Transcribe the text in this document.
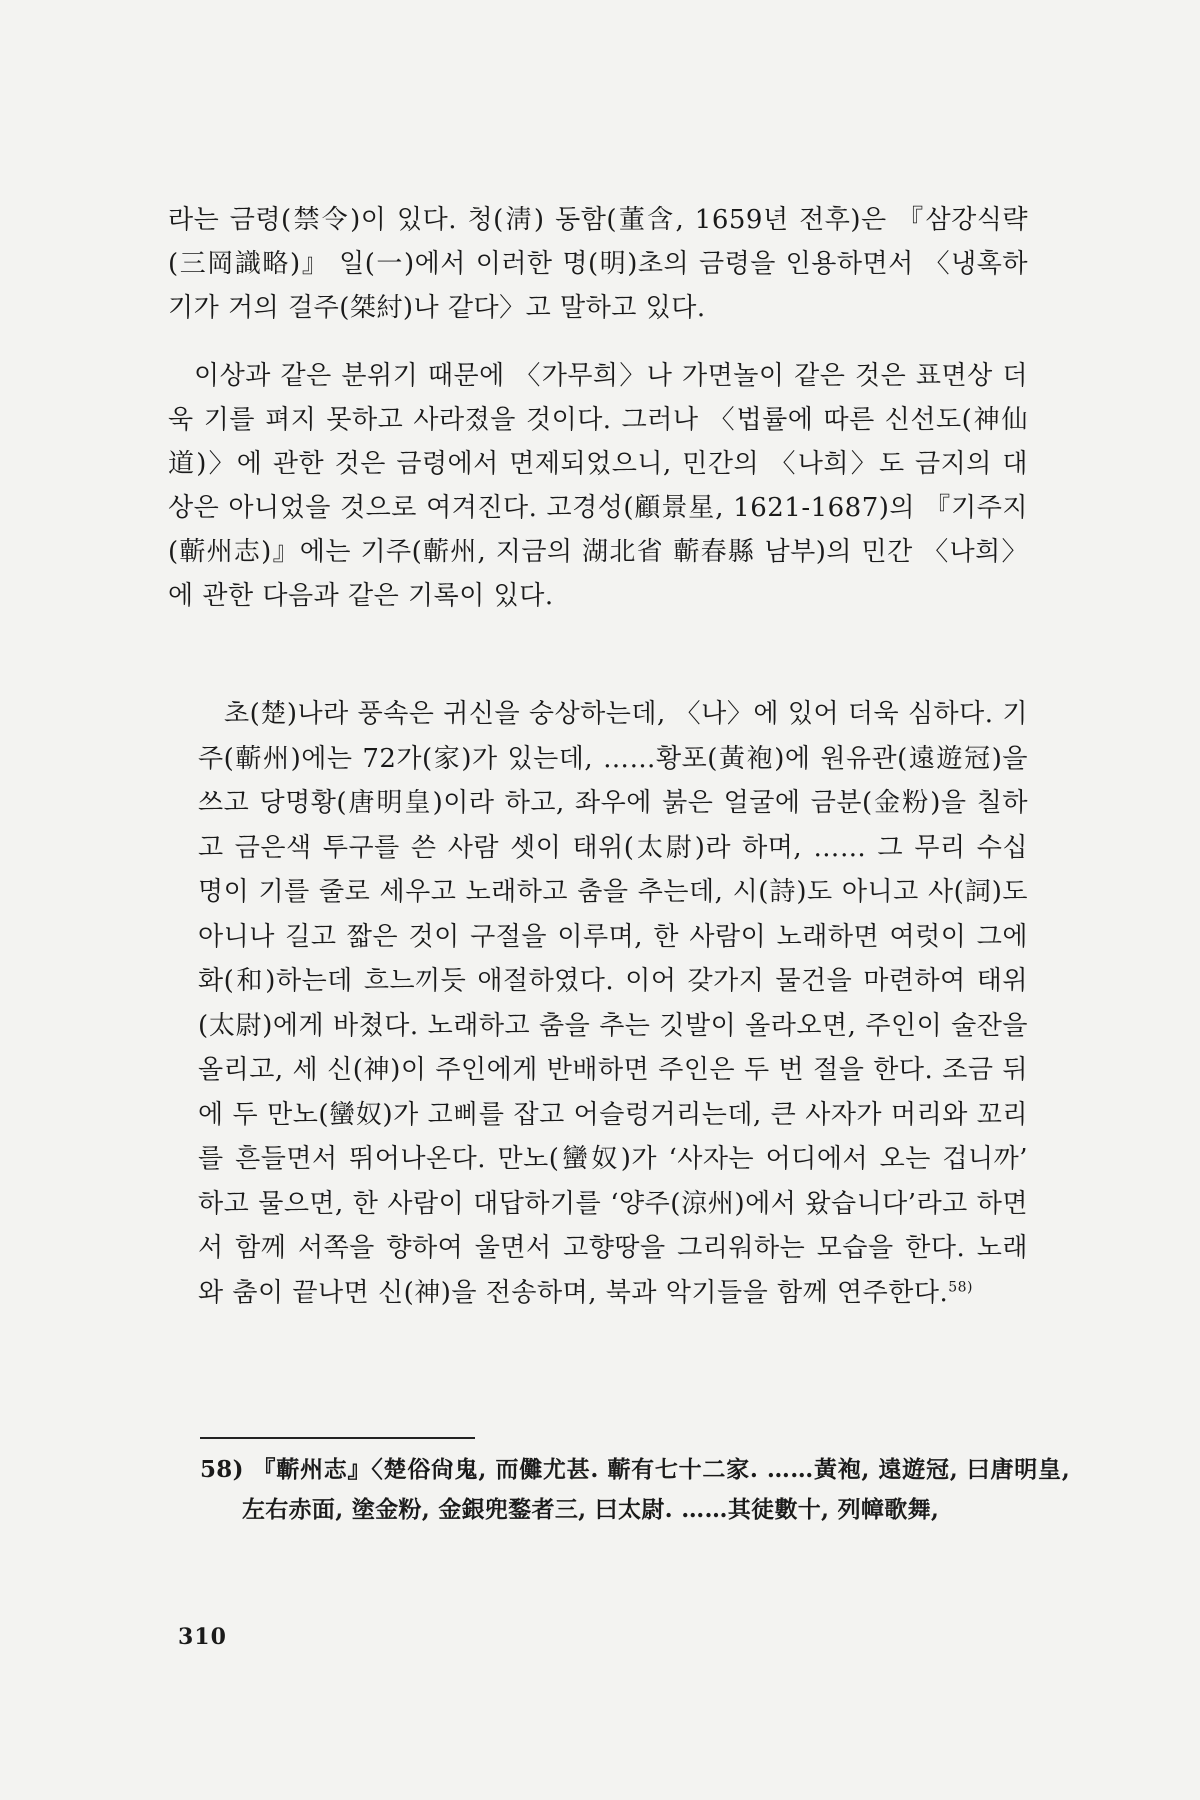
라는 금령(禁令)이 있다. 청(淸) 동함(董含, 1659년 전후)은 『삼강식략(三岡識略)』 일(一)에서 이러한 명(明)초의 금령을 인용하면서 〈냉혹하기가 거의 걸주(桀紂)나 같다〉고 말하고 있다.

이상과 같은 분위기 때문에 〈가무희〉나 가면놀이 같은 것은 표면상 더욱 기를 펴지 못하고 사라졌을 것이다. 그러나 〈법률에 따른 신선도(神仙道)〉에 관한 것은 금령에서 면제되었으니, 민간의 〈나희〉도 금지의 대상은 아니었을 것으로 여겨진다. 고경성(顧景星, 1621-1687)의 『기주지(蘄州志)』에는 기주(蘄州, 지금의 湖北省 蘄春縣 남부)의 민간 〈나희〉에 관한 다음과 같은 기록이 있다.

초(楚)나라 풍속은 귀신을 숭상하는데, 〈나〉에 있어 더욱 심하다. 기주(蘄州)에는 72가(家)가 있는데, ……황포(黃袍)에 원유관(遠遊冠)을 쓰고 당명황(唐明皇)이라 하고, 좌우에 붉은 얼굴에 금분(金粉)을 칠하고 금은색 투구를 쓴 사람 셋이 태위(太尉)라 하며, …… 그 무리 수십 명이 기를 줄로 세우고 노래하고 춤을 추는데, 시(詩)도 아니고 사(詞)도 아니나 길고 짧은 것이 구절을 이루며, 한 사람이 노래하면 여럿이 그에 화(和)하는데 흐느끼듯 애절하였다. 이어 갖가지 물건을 마련하여 태위(太尉)에게 바쳤다. 노래하고 춤을 추는 깃발이 올라오면, 주인이 술잔을 올리고, 세 신(神)이 주인에게 반배하면 주인은 두 번 절을 한다. 조금 뒤에 두 만노(蠻奴)가 고삐를 잡고 어슬렁거리는데, 큰 사자가 머리와 꼬리를 흔들면서 뛰어나온다. 만노(蠻奴)가 ‘사자는 어디에서 오는 겁니까’ 하고 물으면, 한 사람이 대답하기를 ‘양주(涼州)에서 왔습니다’라고 하면서 함께 서쪽을 향하여 울면서 고향땅을 그리워하는 모습을 한다. 노래와 춤이 끝나면 신(神)을 전송하며, 북과 악기들을 함께 연주한다.$^{58)}$

58) 『蘄州志』〈楚俗尙鬼, 而儺尤甚. 蘄有七十二家. ……黃袍, 遠遊冠, 曰唐明皇, 左右赤面, 塗金粉, 金銀兜鍪者三, 曰太尉. ……其徒數十, 列幛歌舞,

310
